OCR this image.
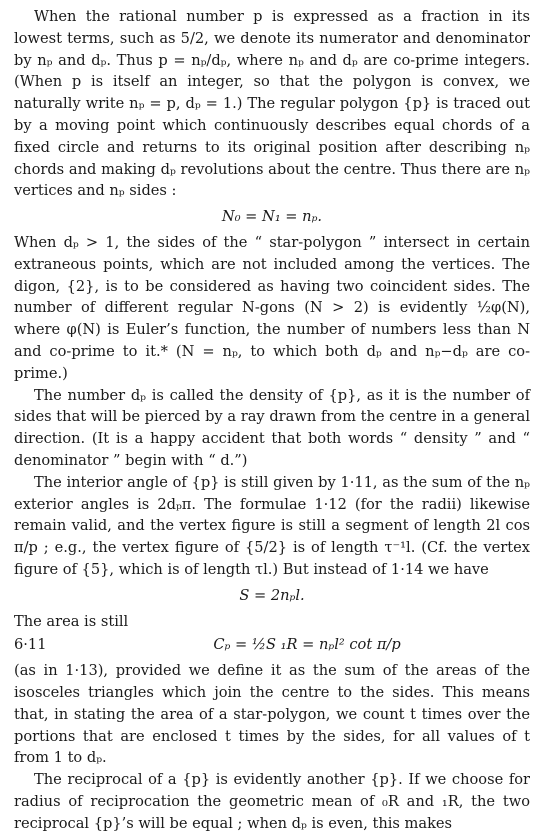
When the rational number p is expressed as a fraction in its lowest terms, such as 5/2, we denote its numerator and denominator by nₚ and dₚ. Thus p = nₚ/dₚ, where nₚ and dₚ are co-prime integers. (When p is itself an integer, so that the polygon is convex, we naturally write nₚ = p, dₚ = 1.) The regular polygon {p} is traced out by a moving point which continuously describes equal chords of a fixed circle and returns to its original position after describing nₚ chords and making dₚ revolutions about the centre. Thus there are nₚ vertices and nₚ sides :

N₀ = N₁ = nₚ.

When dₚ > 1, the sides of the “ star-polygon ” intersect in certain extraneous points, which are not included among the vertices. The digon, {2}, is to be considered as having two coincident sides. The number of different regular N-gons (N > 2) is evidently ½φ(N), where φ(N) is Euler’s function, the number of numbers less than N and co-prime to it.* (N = nₚ, to which both dₚ and nₚ−dₚ are co-prime.)

The number dₚ is called the density of {p}, as it is the number of sides that will be pierced by a ray drawn from the centre in a general direction. (It is a happy accident that both words “ density ” and “ denominator ” begin with “ d.”)

The interior angle of {p} is still given by 1·11, as the sum of the nₚ exterior angles is 2dₚπ. The formulae 1·12 (for the radii) likewise remain valid, and the vertex figure is still a segment of length 2l cos π/p ; e.g., the vertex figure of {5/2} is of length τ⁻¹l. (Cf. the vertex figure of {5}, which is of length τl.) But instead of 1·14 we have

S = 2nₚl.

The area is still

6·11	Cₚ = ½S ₁R = nₚl² cot π/p

(as in 1·13), provided we define it as the sum of the areas of the isosceles triangles which join the centre to the sides. This means that, in stating the area of a star-polygon, we count t times over the portions that are enclosed t times by the sides, for all values of t from 1 to dₚ.

The reciprocal of a {p} is evidently another {p}. If we choose for radius of reciprocation the geometric mean of ₀R and ₁R, the two reciprocal {p}’s will be equal ; when dₚ is even, this makes
